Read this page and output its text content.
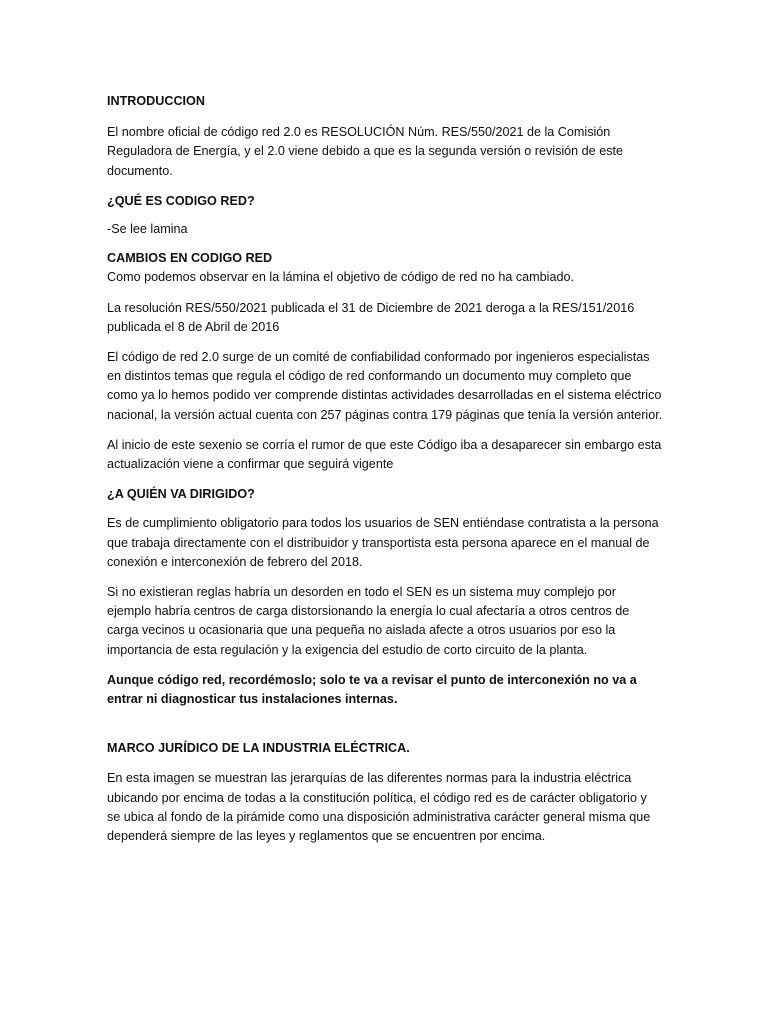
INTRODUCCION

El nombre oficial de código red 2.0 es RESOLUCIÓN Núm. RES/550/2021 de la Comisión Reguladora de Energía, y el 2.0 viene debido a que es la segunda versión o revisión de este documento.

¿QUÉ ES CODIGO RED?

-Se lee lamina

CAMBIOS EN CODIGO RED

Como podemos observar en la lámina el objetivo de código de red no ha cambiado.

La resolución RES/550/2021 publicada el 31 de Diciembre de 2021 deroga a la RES/151/2016 publicada el 8 de Abril de 2016

El código de red 2.0 surge de un comité de confiabilidad conformado por ingenieros especialistas en distintos temas que regula el código de red conformando un documento muy completo que como ya lo hemos podido ver comprende distintas actividades desarrolladas en el sistema eléctrico nacional, la versión actual cuenta con 257 páginas contra 179 páginas que tenía la versión anterior.

Al inicio de este sexenio se corría el rumor de que este Código iba a desaparecer sin embargo esta actualización viene a confirmar que seguirá vigente

¿A QUIÉN VA DIRIGIDO?

Es de cumplimiento obligatorio para todos los usuarios de SEN entiéndase contratista a la persona que trabaja directamente con el distribuidor y transportista esta persona aparece en el manual de conexión e interconexión de febrero del 2018.

Si no existieran reglas habría un desorden en todo el SEN es un sistema muy complejo por ejemplo habría centros de carga distorsionando la energía lo cual afectaría a otros centros de carga vecinos u ocasionaria que una pequeña no aislada afecte a otros usuarios por eso la importancia de esta regulación y la exigencia del estudio de corto circuito de la planta.

Aunque código red, recordémoslo; solo te va a revisar el punto de interconexión no va a entrar ni diagnosticar tus instalaciones internas.

MARCO JURÍDICO DE LA INDUSTRIA ELÉCTRICA.

En esta imagen se muestran las jerarquías de las diferentes normas para la industria eléctrica ubicando por encima de todas a la constitución política, el código red es de carácter obligatorio y se ubica al fondo de la pirámide como una disposición administrativa carácter general misma que dependerá siempre de las leyes y reglamentos que se encuentren por encima.
